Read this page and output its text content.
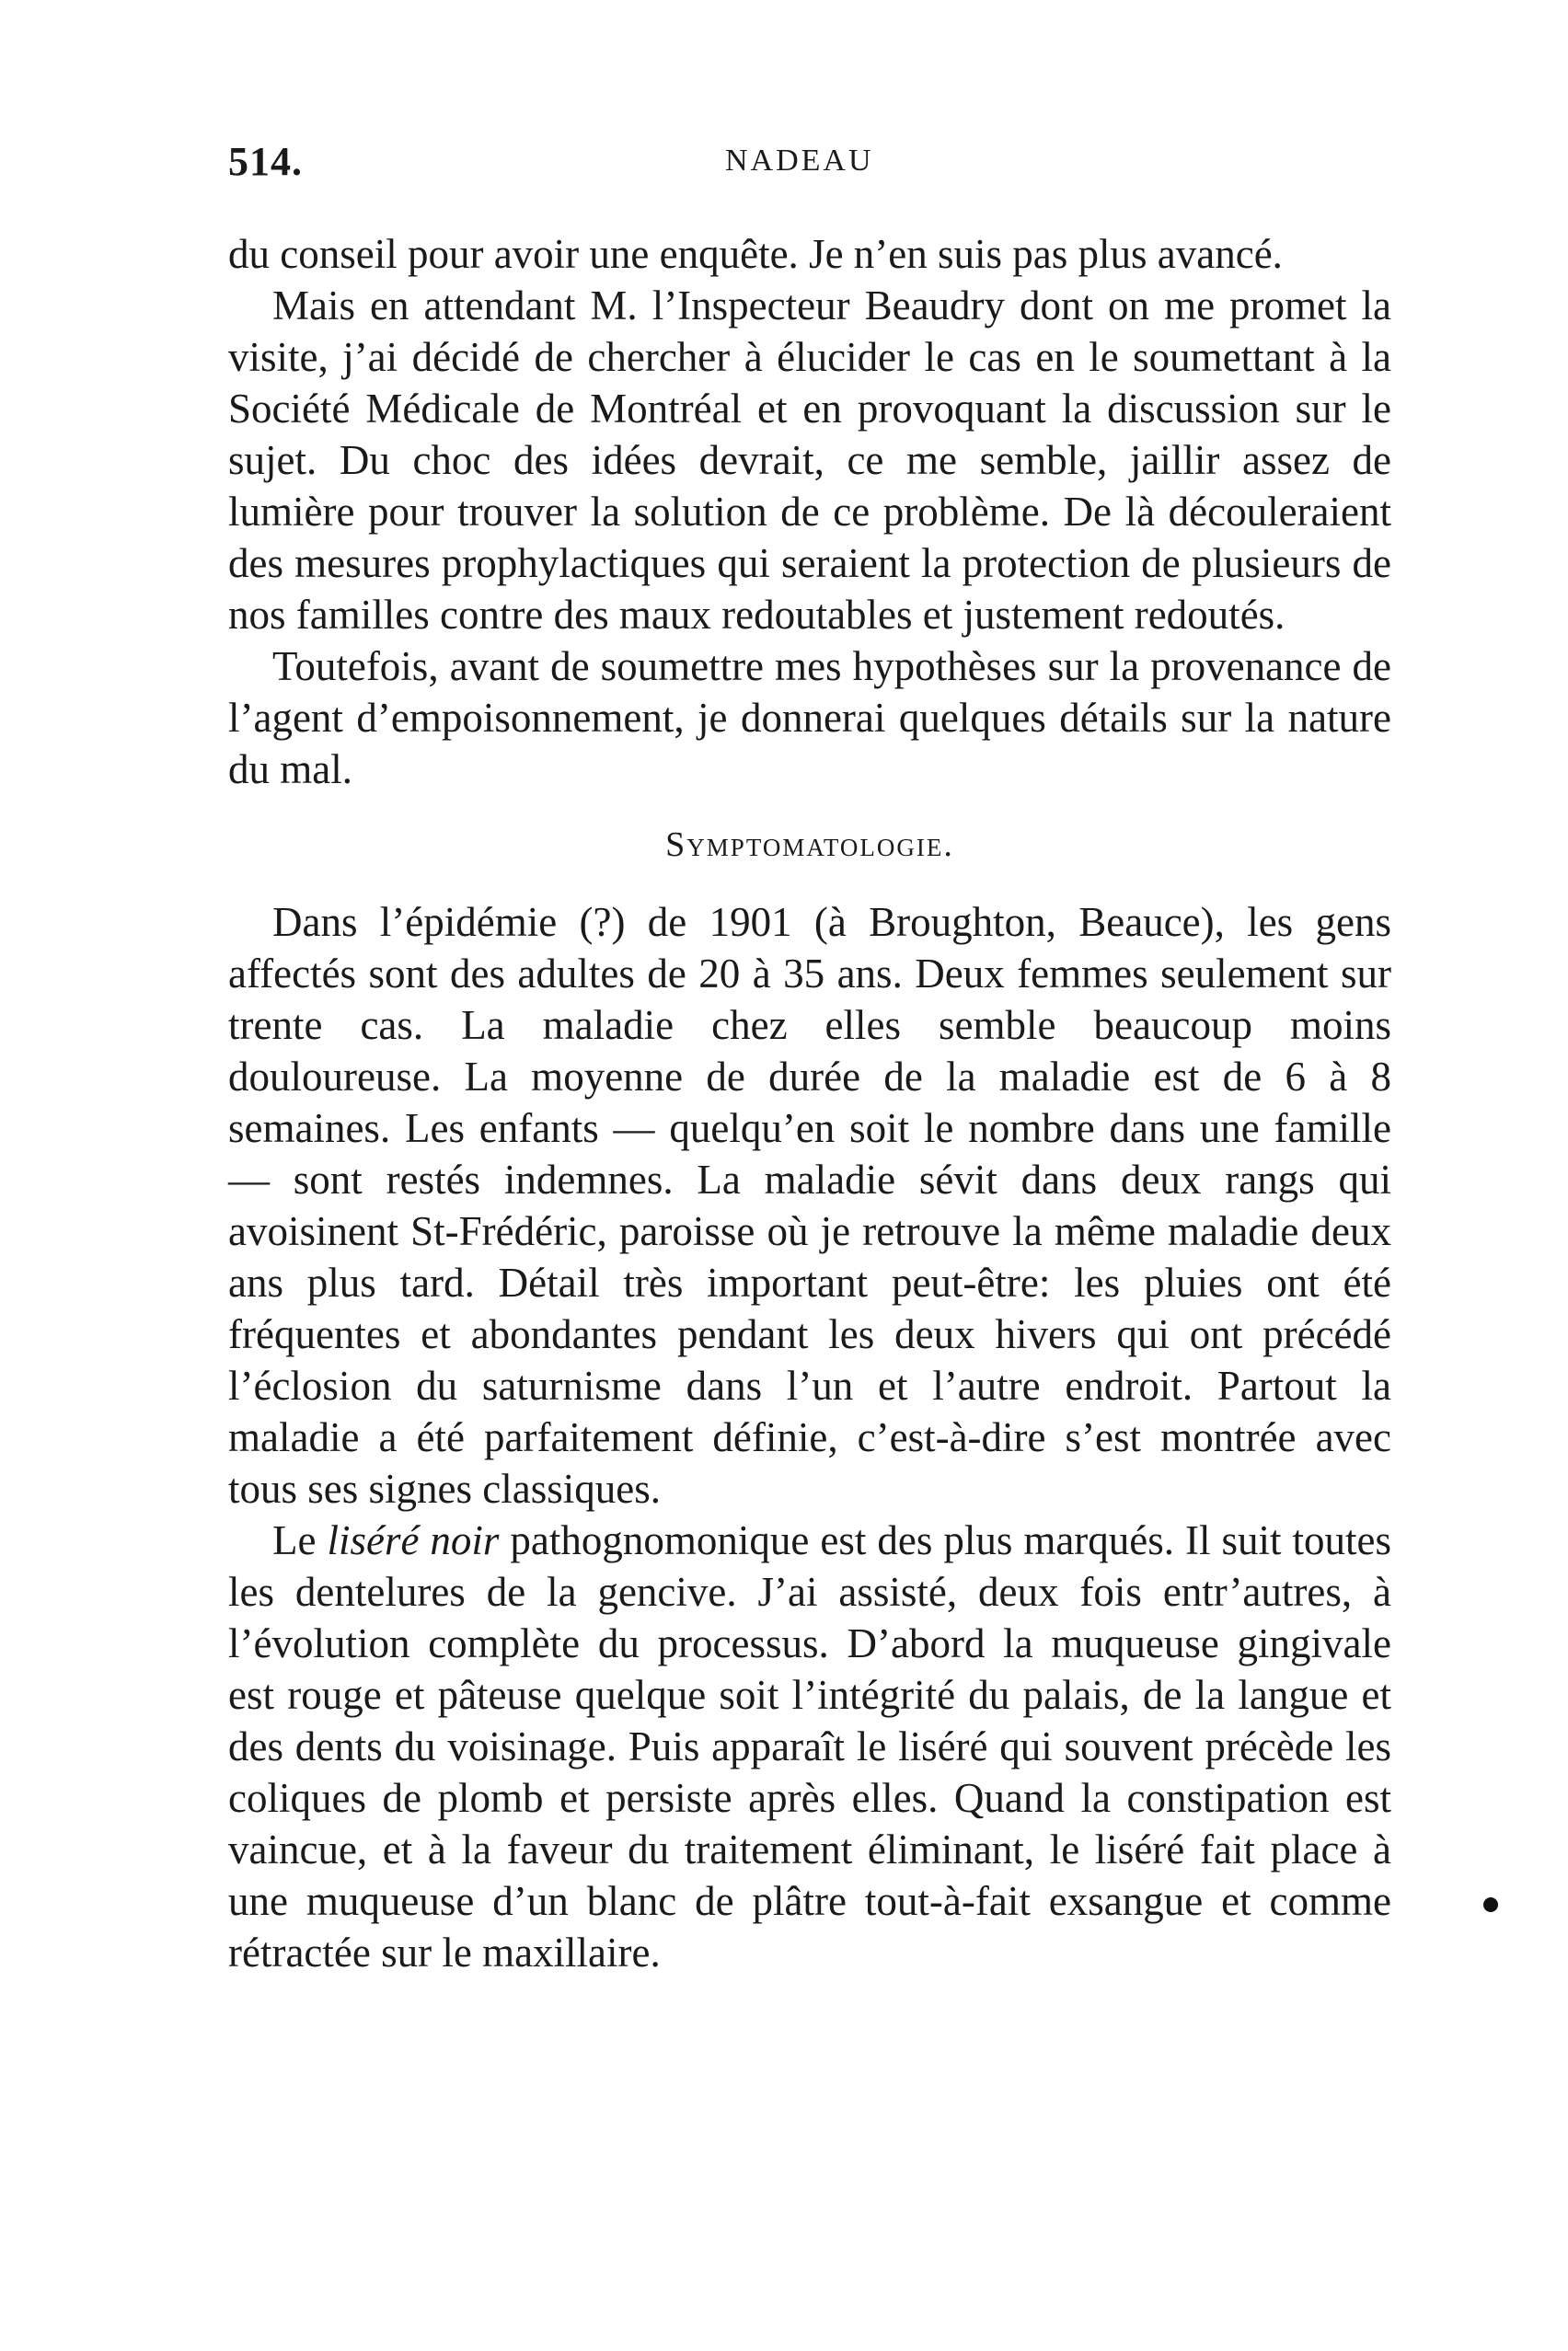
514.	NADEAU

du conseil pour avoir une enquête. Je n’en suis pas plus avancé.

Mais en attendant M. l’Inspecteur Beaudry dont on me promet la visite, j’ai décidé de chercher à élucider le cas en le soumettant à la Société Médicale de Montréal et en provoquant la discussion sur le sujet. Du choc des idées devrait, ce me semble, jaillir assez de lumière pour trouver la solution de ce problème. De là découleraient des mesures prophylactiques qui seraient la protection de plusieurs de nos familles contre des maux redoutables et justement redoutés.

Toutefois, avant de soumettre mes hypothèses sur la provenance de l’agent d’empoisonnement, je donnerai quelques détails sur la nature du mal.

Symptomatologie.

Dans l’épidémie (?) de 1901 (à Broughton, Beauce), les gens affectés sont des adultes de 20 à 35 ans. Deux femmes seulement sur trente cas. La maladie chez elles semble beaucoup moins douloureuse. La moyenne de durée de la maladie est de 6 à 8 semaines. Les enfants — quelqu’en soit le nombre dans une famille — sont restés indemnes. La maladie sévit dans deux rangs qui avoisinent St-Frédéric, paroisse où je retrouve la même maladie deux ans plus tard. Détail très important peut-être: les pluies ont été fréquentes et abondantes pendant les deux hivers qui ont précédé l’éclosion du saturnisme dans l’un et l’autre endroit. Partout la maladie a été parfaitement définie, c’est-à-dire s’est montrée avec tous ses signes classiques.

Le liséré noir pathognomonique est des plus marqués. Il suit toutes les dentelures de la gencive. J’ai assisté, deux fois entr’autres, à l’évolution complète du processus. D’abord la muqueuse gingivale est rouge et pâteuse quelque soit l’intégrité du palais, de la langue et des dents du voisinage. Puis apparaît le liséré qui souvent précède les coliques de plomb et persiste après elles. Quand la constipation est vaincue, et à la faveur du traitement éliminant, le liséré fait place à une muqueuse d’un blanc de plâtre tout-à-fait exsangue et comme rétractée sur le maxillaire.
